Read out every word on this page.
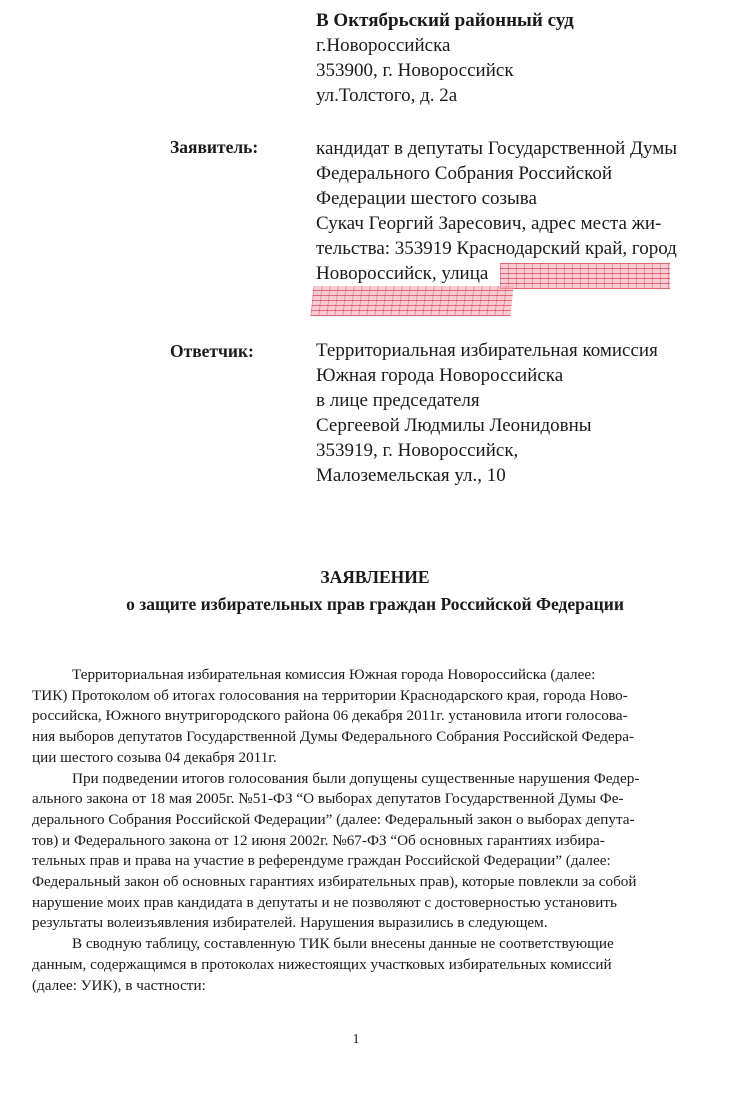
В Октябрьский районный суд
г.Новороссийска
353900, г. Новороссийск
ул.Толстого, д. 2а
Заявитель:	кандидат в депутаты Государственной Думы
Федерального Собрания Российской
Федерации шестого созыва
Сукач Георгий Заресович, адрес места жи-
тельства: 353919 Краснодарский край, город
Новороссийск, улица
Ответчик:	Территориальная избирательная комиссия
Южная города Новороссийска
в лице председателя
Сергеевой Людмилы Леонидовны
353919, г. Новороссийск,
Малоземельская ул., 10
ЗАЯВЛЕНИЕ
о защите избирательных прав граждан Российской Федерации
Территориальная избирательная комиссия Южная города Новороссийска (далее:
ТИК) Протоколом об итогах голосования на территории Краснодарского края, города Ново-
российска, Южного внутригородского района 06 декабря 2011г. установила итоги голосова-
ния выборов депутатов Государственной Думы Федерального Собрания Российской Федера-
ции шестого созыва 04 декабря 2011г.
При подведении итогов голосования были допущены существенные нарушения Федер-
ального закона от 18 мая 2005г. №51-ФЗ “О выборах депутатов Государственной Думы Фе-
дерального Собрания Российской Федерации” (далее: Федеральный закон о выборах депута-
тов) и Федерального закона от 12 июня 2002г. №67-ФЗ “Об основных гарантиях избира-
тельных прав и права на участие в референдуме граждан Российской Федерации” (далее:
Федеральный закон об основных гарантиях избирательных прав), которые повлекли за собой
нарушение моих прав кандидата в депутаты и не позволяют с достоверностью установить
результаты волеизъявления избирателей. Нарушения выразились в следующем.
В сводную таблицу, составленную ТИК были внесены данные не соответствующие
данным, содержащимся в протоколах нижестоящих участковых избирательных комиссий
(далее: УИК), в частности:
1
